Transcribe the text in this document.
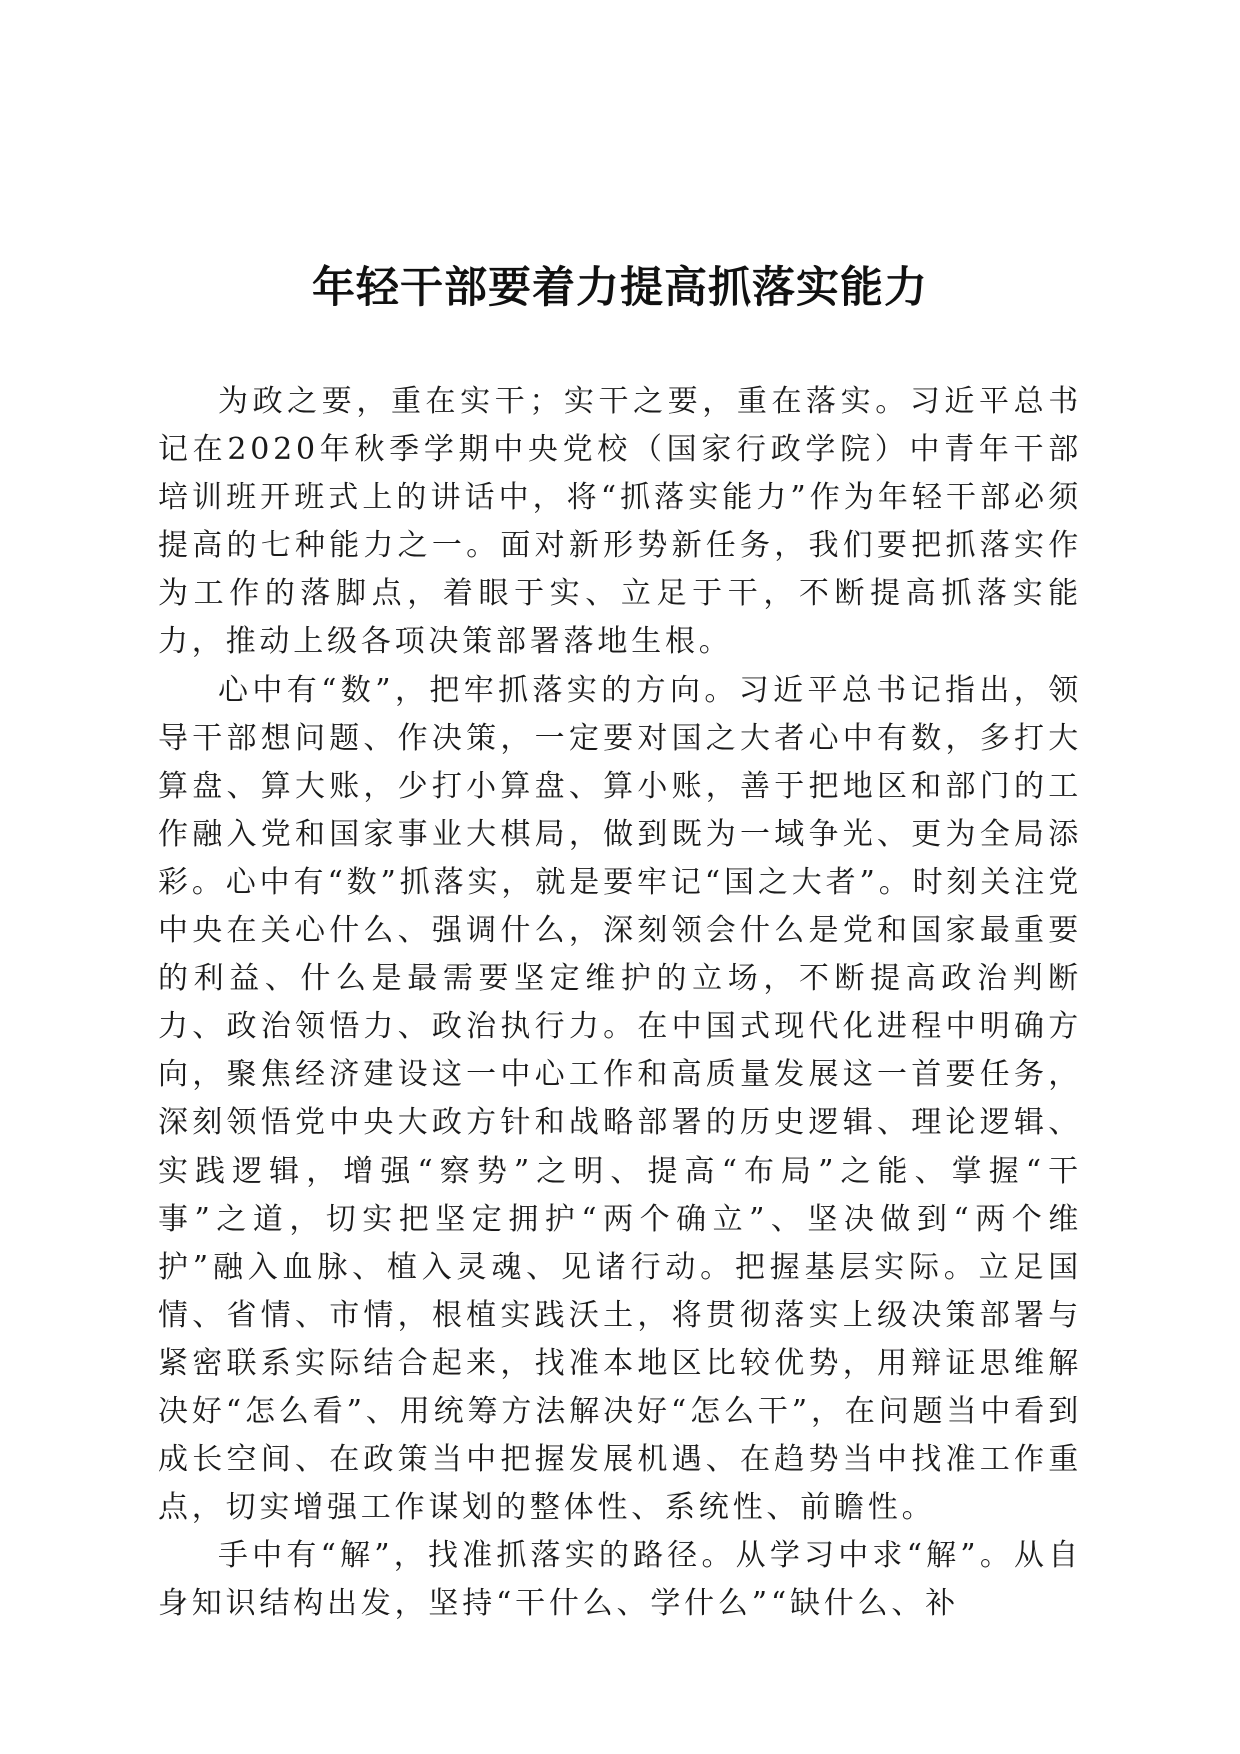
年轻干部要着力提高抓落实能力

为政之要，重在实干；实干之要，重在落实。习近平总书记在2020年秋季学期中央党校（国家行政学院）中青年干部培训班开班式上的讲话中，将“抓落实能力”作为年轻干部必须提高的七种能力之一。面对新形势新任务，我们要把抓落实作为工作的落脚点，着眼于实、立足于干，不断提高抓落实能力，推动上级各项决策部署落地生根。

心中有“数”，把牢抓落实的方向。习近平总书记指出，领导干部想问题、作决策，一定要对国之大者心中有数，多打大算盘、算大账，少打小算盘、算小账，善于把地区和部门的工作融入党和国家事业大棋局，做到既为一域争光、更为全局添彩。心中有“数”抓落实，就是要牢记“国之大者”。时刻关注党中央在关心什么、强调什么，深刻领会什么是党和国家最重要的利益、什么是最需要坚定维护的立场，不断提高政治判断力、政治领悟力、政治执行力。在中国式现代化进程中明确方向，聚焦经济建设这一中心工作和高质量发展这一首要任务，深刻领悟党中央大政方针和战略部署的历史逻辑、理论逻辑、实践逻辑，增强“察势”之明、提高“布局”之能、掌握“干事”之道，切实把坚定拥护“两个确立”、坚决做到“两个维护”融入血脉、植入灵魂、见诸行动。把握基层实际。立足国情、省情、市情，根植实践沃土，将贯彻落实上级决策部署与紧密联系实际结合起来，找准本地区比较优势，用辩证思维解决好“怎么看”、用统筹方法解决好“怎么干”，在问题当中看到成长空间、在政策当中把握发展机遇、在趋势当中找准工作重点，切实增强工作谋划的整体性、系统性、前瞻性。

手中有“解”，找准抓落实的路径。从学习中求“解”。从自身知识结构出发，坚持“干什么、学什么”“缺什么、补
